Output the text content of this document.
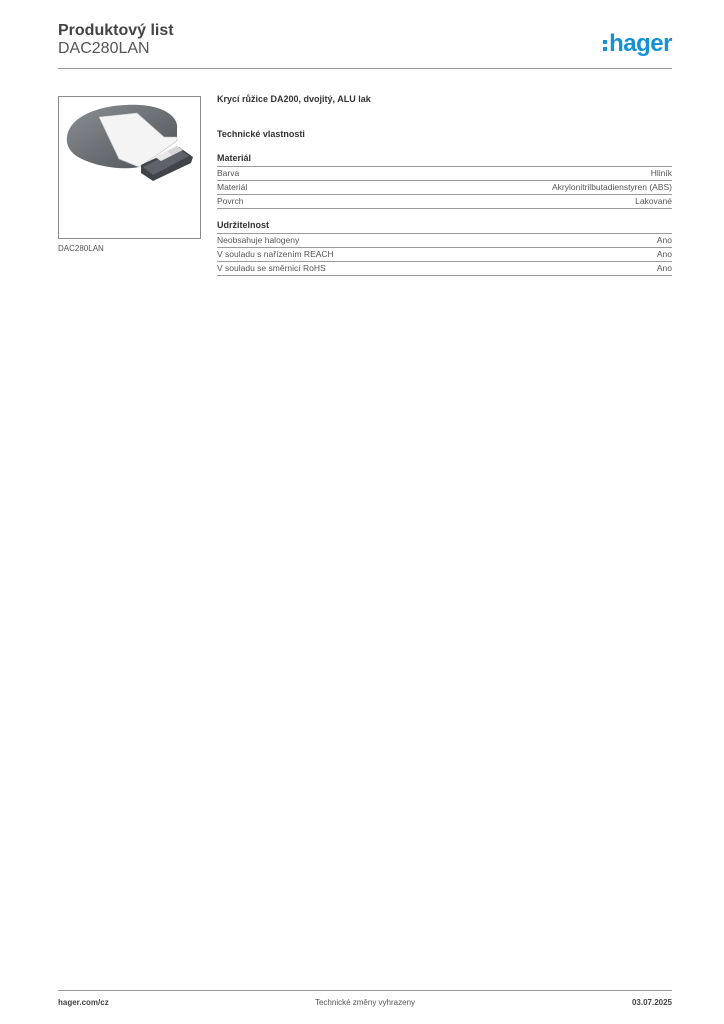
Produktový list
DAC280LAN	hager
DAC280LAN
Krycí růžice DA200, dvojitý, ALU lak
Technické vlastnosti
Materiál
Barva	Hliník
Materiál	Akrylonitrilbutadienstyren (ABS)
Povrch	Lakované
Udržitelnost
Neobsahuje halogeny	Ano
V souladu s nařízením REACH	Ano
V souladu se směrnicí RoHS	Ano
hager.com/cz	Technické změny vyhrazeny	03.07.2025
